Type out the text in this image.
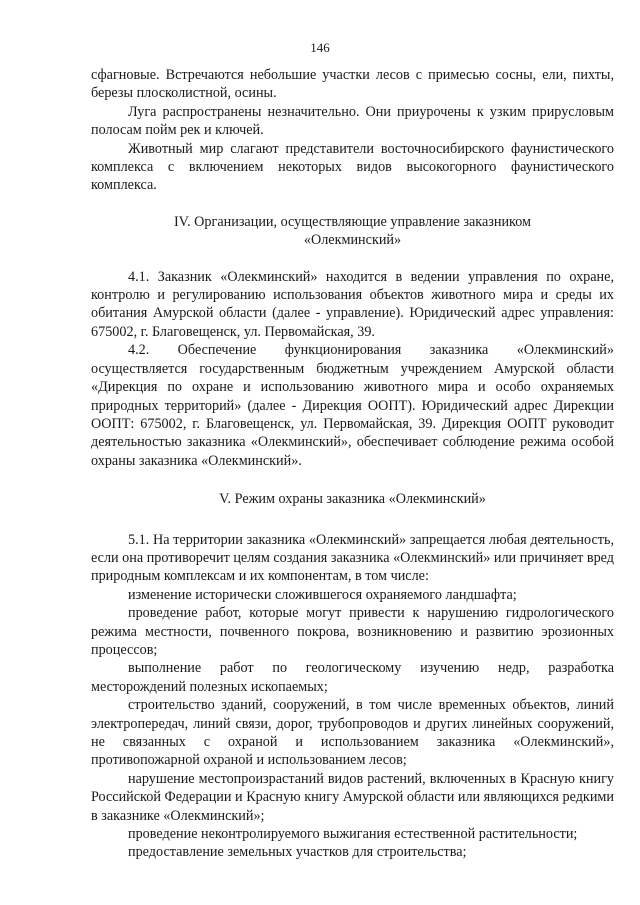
146

сфагновые. Встречаются небольшие участки лесов с примесью сосны, ели, пихты, березы плосколистной, осины.

Луга распространены незначительно. Они приурочены к узким прирусловым полосам пойм рек и ключей.

Животный мир слагают представители восточносибирского фаунистического комплекса с включением некоторых видов высокогорного фаунистического комплекса.

IV. Организации, осуществляющие управление заказником «Олекминский»

4.1. Заказник «Олекминский» находится в ведении управления по охране, контролю и регулированию использования объектов животного мира и среды их обитания Амурской области (далее - управление). Юридический адрес управления: 675002, г. Благовещенск, ул. Первомайская, 39.

4.2. Обеспечение функционирования заказника «Олекминский» осуществляется государственным бюджетным учреждением Амурской области «Дирекция по охране и использованию животного мира и особо охраняемых природных территорий» (далее - Дирекция ООПТ). Юридический адрес Дирекции ООПТ: 675002, г. Благовещенск, ул. Первомайская, 39. Дирекция ООПТ руководит деятельностью заказника «Олекминский», обеспечивает соблюдение режима особой охраны заказника «Олекминский».

V. Режим охраны заказника «Олекминский»

5.1. На территории заказника «Олекминский» запрещается любая деятельность, если она противоречит целям создания заказника «Олекминский» или причиняет вред природным комплексам и их компонентам, в том числе:

изменение исторически сложившегося охраняемого ландшафта;

проведение работ, которые могут привести к нарушению гидрологического режима местности, почвенного покрова, возникновению и развитию эрозионных процессов;

выполнение работ по геологическому изучению недр, разработка месторождений полезных ископаемых;

строительство зданий, сооружений, в том числе временных объектов, линий электропередач, линий связи, дорог, трубопроводов и других линейных сооружений, не связанных с охраной и использованием заказника «Олекминский», противопожарной охраной и использованием лесов;

нарушение местопроизрастаний видов растений, включенных в Красную книгу Российской Федерации и Красную книгу Амурской области или являющихся редкими в заказнике «Олекминский»;

проведение неконтролируемого выжигания естественной растительности;

предоставление земельных участков для строительства;
